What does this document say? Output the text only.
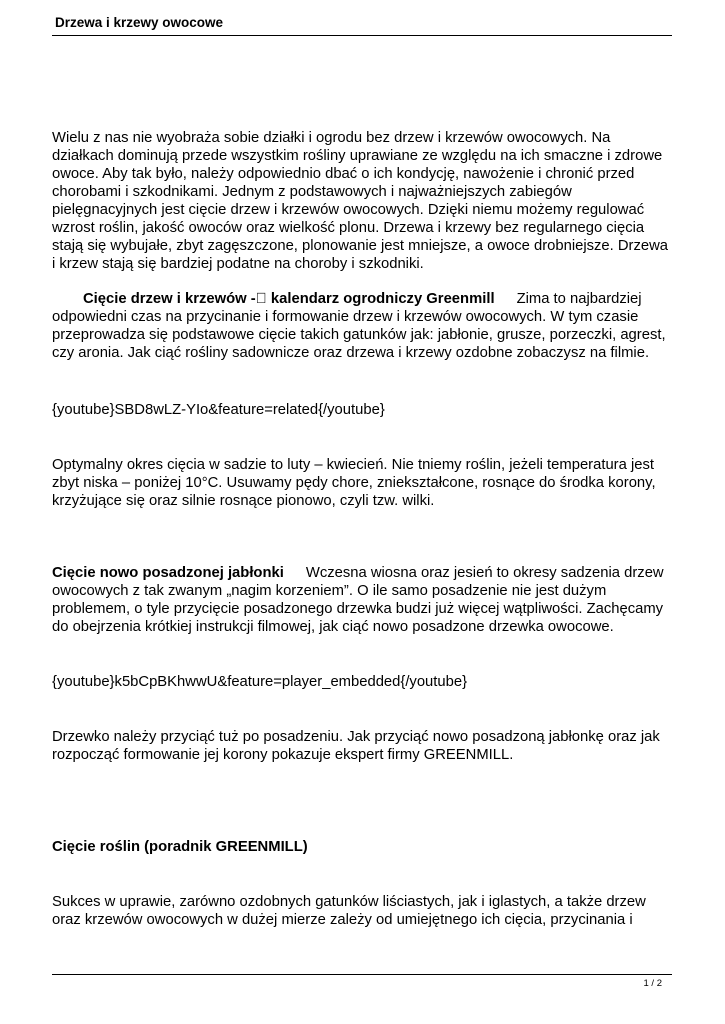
Drzewa i krzewy owocowe

Wielu z nas nie wyobraża sobie działki i ogrodu bez drzew i krzewów owocowych. Na działkach dominują przede wszystkim rośliny uprawiane ze względu na ich smaczne i zdrowe owoce. Aby tak było, należy odpowiednio dbać o ich kondycję, nawożenie i chronić przed chorobami i szkodnikami. Jednym z podstawowych i najważniejszych zabiegów pielęgnacyjnych jest cięcie drzew i krzewów owocowych. Dzięki niemu możemy regulować wzrost roślin, jakość owoców oraz wielkość plonu. Drzewa i krzewy bez regularnego cięcia stają się wybujałe, zbyt zagęszczone, plonowanie jest mniejsze, a owoce drobniejsze. Drzewa i krzew stają się bardziej podatne na choroby i szkodniki.

Cięcie drzew i krzewów - kalendarz ogrodniczy Greenmill Zima to najbardziej odpowiedni czas na przycinanie i formowanie drzew i krzewów owocowych. W tym czasie przeprowadza się podstawowe cięcie takich gatunków jak: jabłonie, grusze, porzeczki, agrest, czy aronia. Jak ciąć rośliny sadownicze oraz drzewa i krzewy ozdobne zobaczysz na filmie.

{youtube}SBD8wLZ-YIo&feature=related{/youtube}

Optymalny okres cięcia w sadzie to luty – kwiecień. Nie tniemy roślin, jeżeli temperatura jest zbyt niska – poniżej 10°C. Usuwamy pędy chore, zniekształcone, rosnące do środka korony, krzyżujące się oraz silnie rosnące pionowo, czyli tzw. wilki.

Cięcie nowo posadzonej jabłonki Wczesna wiosna oraz jesień to okresy sadzenia drzew owocowych z tak zwanym „nagim korzeniem”. O ile samo posadzenie nie jest dużym problemem, o tyle przycięcie posadzonego drzewka budzi już więcej wątpliwości. Zachęcamy do obejrzenia krótkiej instrukcji filmowej, jak ciąć nowo posadzone drzewka owocowe.

{youtube}k5bCpBKhwwU&feature=player_embedded{/youtube}

Drzewko należy przyciąć tuż po posadzeniu. Jak przyciąć nowo posadzoną jabłonkę oraz jak rozpocząć formowanie jej korony pokazuje ekspert firmy GREENMILL.

Cięcie roślin (poradnik GREENMILL)

Sukces w uprawie, zarówno ozdobnych gatunków liściastych, jak i iglastych, a także drzew oraz krzewów owocowych w dużej mierze zależy od umiejętnego ich cięcia, przycinania i

1 / 2
